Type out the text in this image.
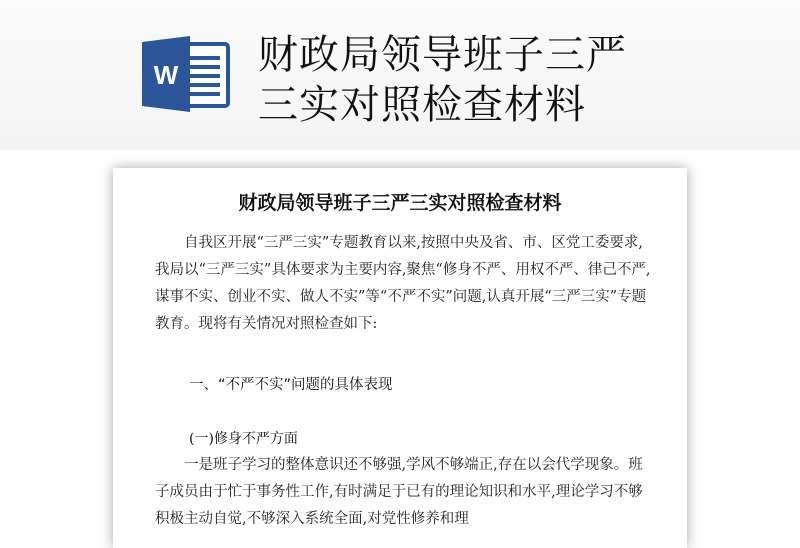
W 财政局领导班子三严
三实对照检查材料
财政局领导班子三严三实对照检查材料

自我区开展“三严三实”专题教育以来,按照中央及省、市、区党工委要求,我局以“三严三实”具体要求为主要内容,聚焦“修身不严、用权不严、律己不严,谋事不实、创业不实、做人不实”等“不严不实”问题,认真开展“三严三实”专题教育。现将有关情况对照检查如下:

一、“不严不实”问题的具体表现

(一)修身不严方面

一是班子学习的整体意识还不够强,学风不够端正,存在以会代学现象。班子成员由于忙于事务性工作,有时满足于已有的理论知识和水平,理论学习不够积极主动自觉,不够深入系统全面,对党性修养和理
